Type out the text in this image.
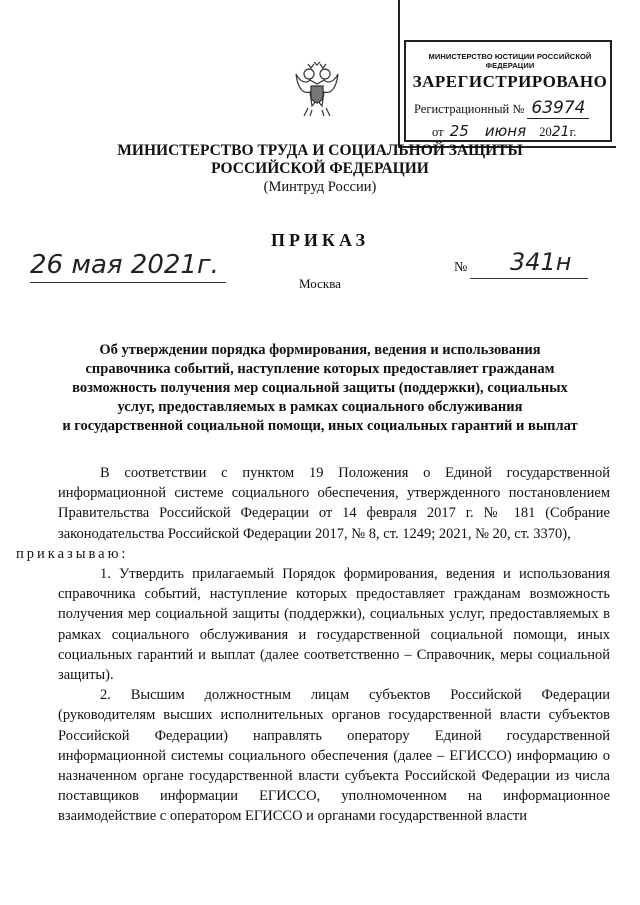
МИНИСТЕРСТВО ЮСТИЦИИ РОССИЙСКОЙ ФЕДЕРАЦИИ
ЗАРЕГИСТРИРОВАНО
Регистрационный № 63974
от 25 июня 2021г.
МИНИСТЕРСТВО ТРУДА И СОЦИАЛЬНОЙ ЗАЩИТЫ
РОССИЙСКОЙ ФЕДЕРАЦИИ
(Минтруд России)
ПРИКАЗ
26 мая 2021г.	№ 341н
Москва
Об утверждении порядка формирования, ведения и использования
справочника событий, наступление которых предоставляет гражданам
возможность получения мер социальной защиты (поддержки), социальных
услуг, предоставляемых в рамках социального обслуживания
и государственной социальной помощи, иных социальных гарантий и выплат

В соответствии с пунктом 19 Положения о Единой государственной информационной системе социального обеспечения, утвержденного постановлением Правительства Российской Федерации от 14 февраля 2017 г. № 181 (Собрание законодательства Российской Федерации 2017, № 8, ст. 1249; 2021, № 20, ст. 3370),
приказываю:

1. Утвердить прилагаемый Порядок формирования, ведения и использования справочника событий, наступление которых предоставляет гражданам возможность получения мер социальной защиты (поддержки), социальных услуг, предоставляемых в рамках социального обслуживания и государственной социальной помощи, иных социальных гарантий и выплат (далее соответственно – Справочник, меры социальной защиты).

2. Высшим должностным лицам субъектов Российской Федерации (руководителям высших исполнительных органов государственной власти субъектов Российской Федерации) направлять оператору Единой государственной информационной системы социального обеспечения (далее – ЕГИССО) информацию о назначенном органе государственной власти субъекта Российской Федерации из числа поставщиков информации ЕГИССО, уполномоченном на информационное взаимодействие с оператором ЕГИССО и органами государственной власти
